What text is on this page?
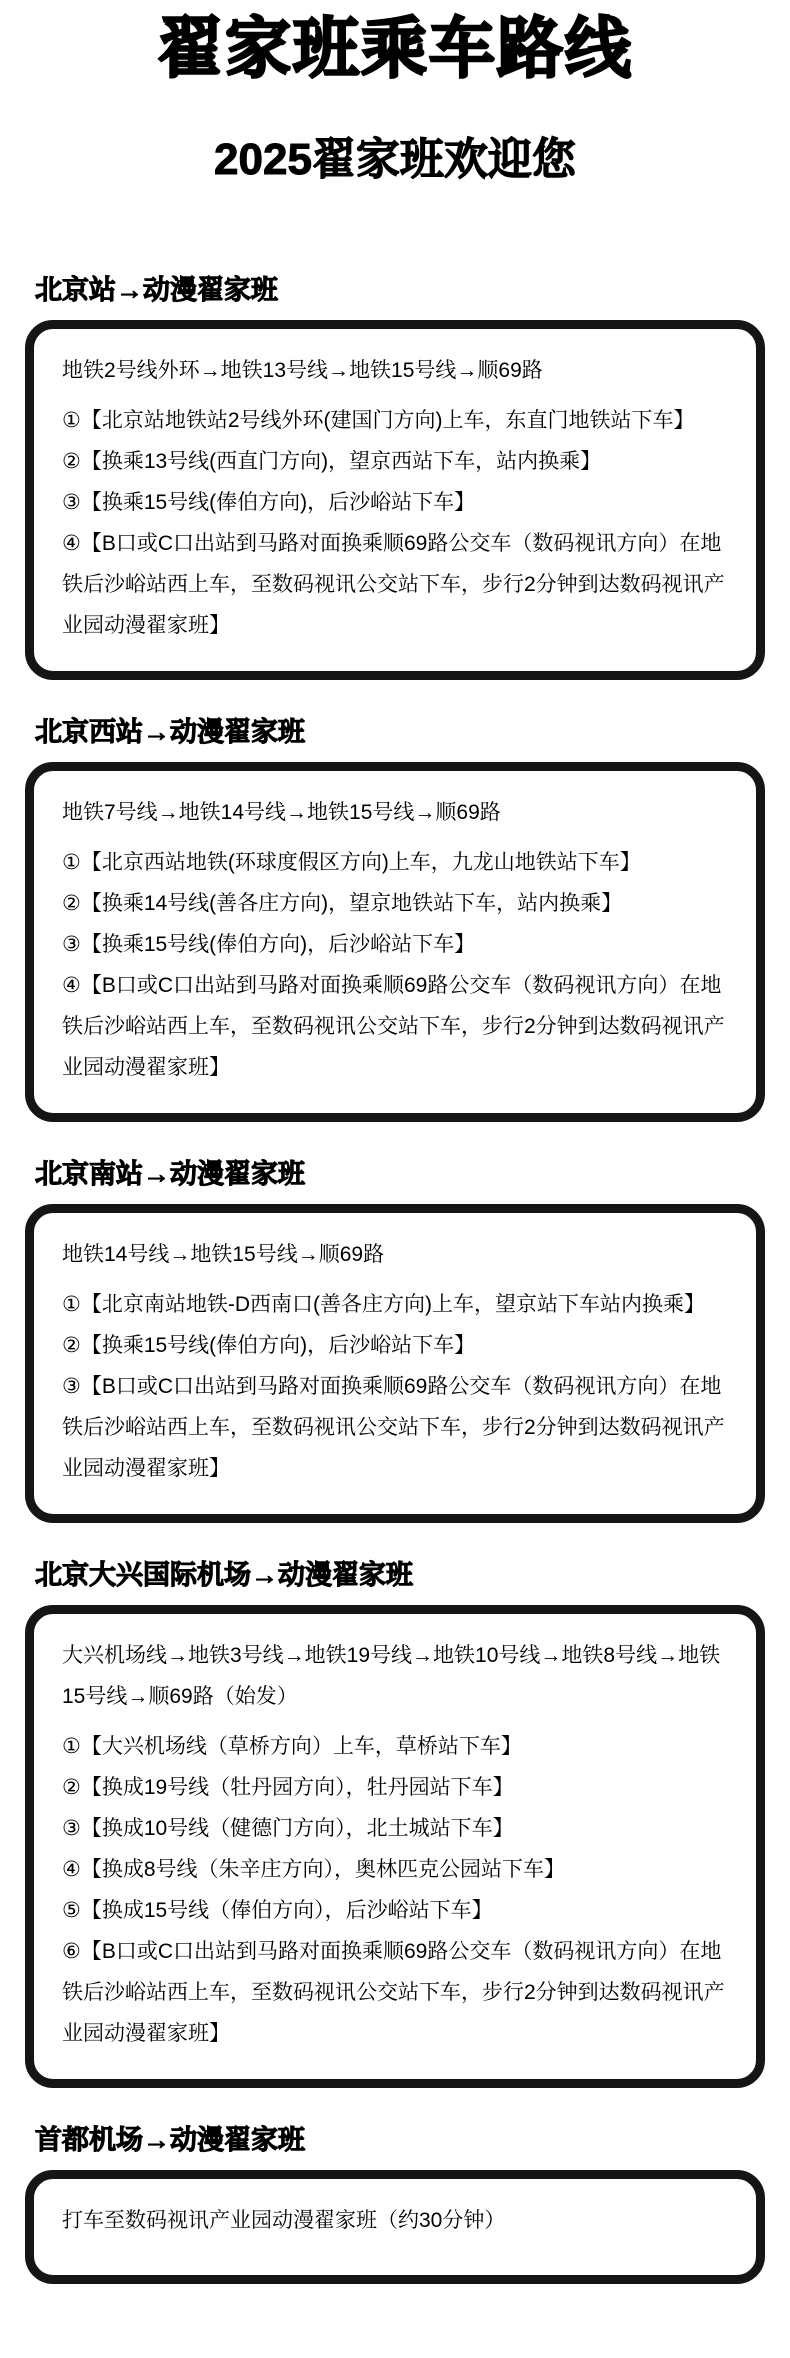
翟家班乘车路线
2025翟家班欢迎您
北京站→动漫翟家班

地铁2号线外环→地铁13号线→地铁15号线→顺69路

①【北京站地铁站2号线外环(建国门方向)上车，东直门地铁站下车】

②【换乘13号线(西直门方向)，望京西站下车，站内换乘】

③【换乘15号线(俸伯方向)，后沙峪站下车】

④【B口或C口出站到马路对面换乘顺69路公交车（数码视讯方向）在地铁后沙峪站西上车，至数码视讯公交站下车，步行2分钟到达数码视讯产业园动漫翟家班】

北京西站→动漫翟家班

地铁7号线→地铁14号线→地铁15号线→顺69路

①【北京西站地铁(环球度假区方向)上车，九龙山地铁站下车】

②【换乘14号线(善各庄方向)，望京地铁站下车，站内换乘】

③【换乘15号线(俸伯方向)，后沙峪站下车】

④【B口或C口出站到马路对面换乘顺69路公交车（数码视讯方向）在地铁后沙峪站西上车，至数码视讯公交站下车，步行2分钟到达数码视讯产业园动漫翟家班】

北京南站→动漫翟家班

地铁14号线→地铁15号线→顺69路

①【北京南站地铁-D西南口(善各庄方向)上车，望京站下车站内换乘】

②【换乘15号线(俸伯方向)，后沙峪站下车】

③【B口或C口出站到马路对面换乘顺69路公交车（数码视讯方向）在地铁后沙峪站西上车，至数码视讯公交站下车，步行2分钟到达数码视讯产业园动漫翟家班】

北京大兴国际机场→动漫翟家班

大兴机场线→地铁3号线→地铁19号线→地铁10号线→地铁8号线→地铁15号线→顺69路（始发）

①【大兴机场线（草桥方向）上车，草桥站下车】

②【换成19号线（牡丹园方向），牡丹园站下车】

③【换成10号线（健德门方向），北土城站下车】

④【换成8号线（朱辛庄方向），奥林匹克公园站下车】

⑤【换成15号线（俸伯方向），后沙峪站下车】

⑥【B口或C口出站到马路对面换乘顺69路公交车（数码视讯方向）在地铁后沙峪站西上车，至数码视讯公交站下车，步行2分钟到达数码视讯产业园动漫翟家班】

首都机场→动漫翟家班

打车至数码视讯产业园动漫翟家班（约30分钟）
